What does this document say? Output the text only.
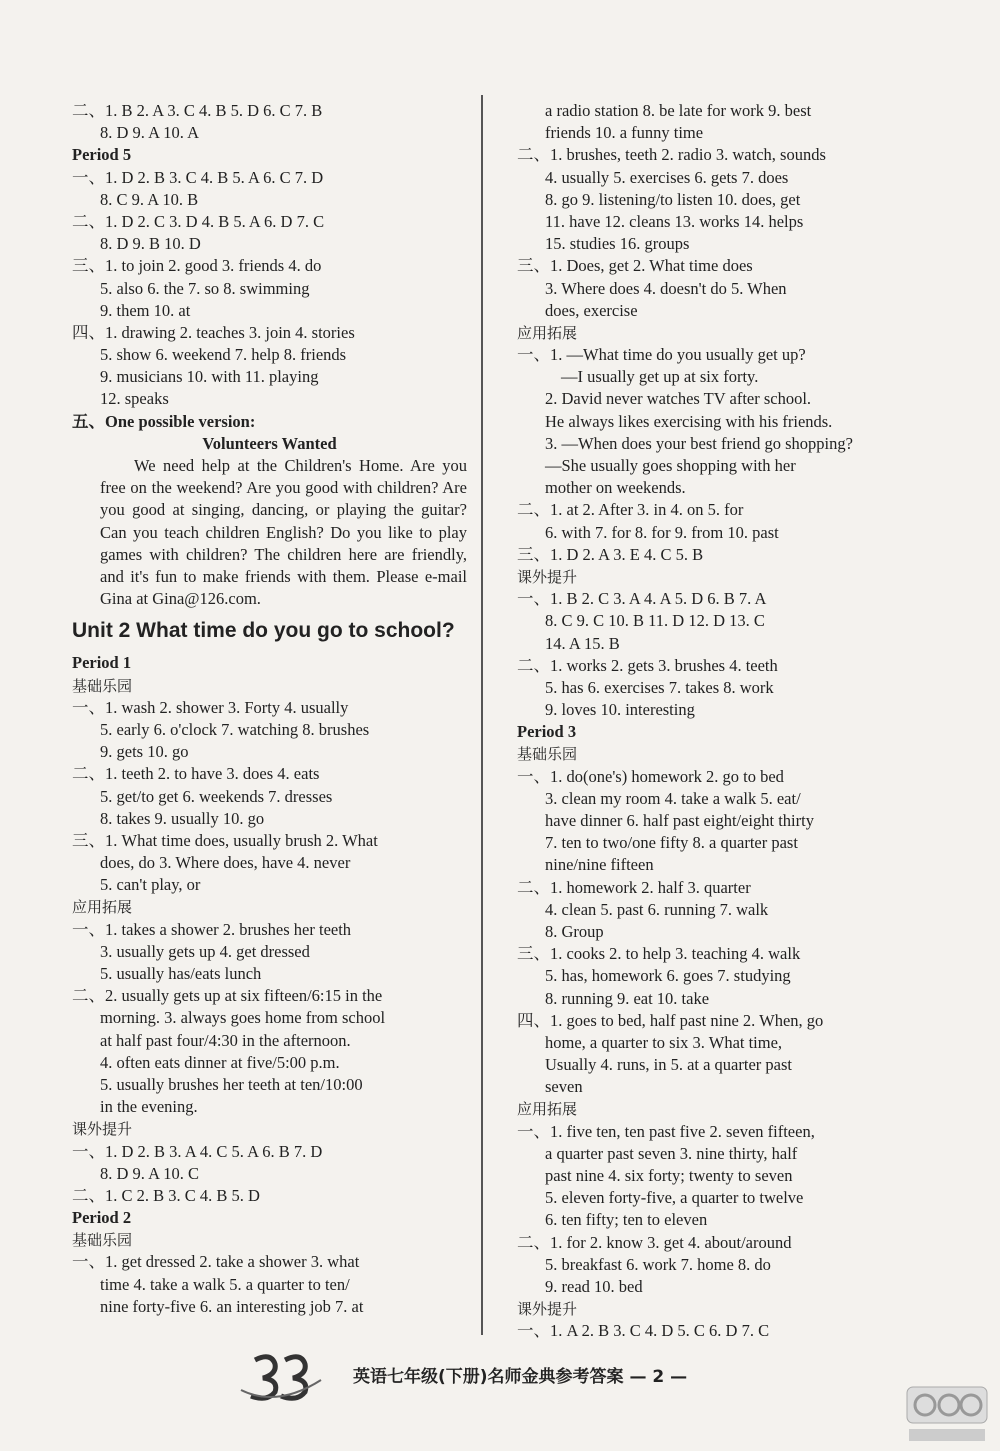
二、1. B 2. A 3. C 4. B 5. D 6. C 7. B
8. D 9. A 10. A
Period 5
一、1. D 2. B 3. C 4. B 5. A 6. C 7. D
8. C 9. A 10. B
二、1. D 2. C 3. D 4. B 5. A 6. D 7. C
8. D 9. B 10. D
三、1. to join 2. good 3. friends 4. do
5. also 6. the 7. so 8. swimming
9. them 10. at
四、1. drawing 2. teaches 3. join 4. stories
5. show 6. weekend 7. help 8. friends
9. musicians 10. with 11. playing
12. speaks
五、One possible version:
Volunteers Wanted

We need help at the Children's Home. Are you free on the weekend? Are you good with children? Are you good at singing, dancing, or playing the guitar? Can you teach children English? Do you like to play games with children? The children here are friendly, and it's fun to make friends with them. Please e-mail Gina at Gina@126.com.

Unit 2 What time do you go to school?
Period 1
基础乐园
一、1. wash 2. shower 3. Forty 4. usually
5. early 6. o'clock 7. watching 8. brushes
9. gets 10. go
二、1. teeth 2. to have 3. does 4. eats
5. get/to get 6. weekends 7. dresses
8. takes 9. usually 10. go
三、1. What time does, usually brush 2. What
does, do 3. Where does, have 4. never
5. can't play, or
应用拓展
一、1. takes a shower 2. brushes her teeth
3. usually gets up 4. get dressed
5. usually has/eats lunch
二、2. usually gets up at six fifteen/6:15 in the
morning. 3. always goes home from school
at half past four/4:30 in the afternoon.
4. often eats dinner at five/5:00 p.m.
5. usually brushes her teeth at ten/10:00
in the evening.
课外提升
一、1. D 2. B 3. A 4. C 5. A 6. B 7. D
8. D 9. A 10. C
二、1. C 2. B 3. C 4. B 5. D
Period 2
基础乐园
一、1. get dressed 2. take a shower 3. what
time 4. take a walk 5. a quarter to ten/
nine forty-five 6. an interesting job 7. at
a radio station 8. be late for work 9. best
friends 10. a funny time
二、1. brushes, teeth 2. radio 3. watch, sounds
4. usually 5. exercises 6. gets 7. does
8. go 9. listening/to listen 10. does, get
11. have 12. cleans 13. works 14. helps
15. studies 16. groups
三、1. Does, get 2. What time does
3. Where does 4. doesn't do 5. When
does, exercise
应用拓展
一、1. —What time do you usually get up?
—I usually get up at six forty.
2. David never watches TV after school.
He always likes exercising with his friends.
3. —When does your best friend go shopping?
—She usually goes shopping with her
mother on weekends.
二、1. at 2. After 3. in 4. on 5. for
6. with 7. for 8. for 9. from 10. past
三、1. D 2. A 3. E 4. C 5. B
课外提升
一、1. B 2. C 3. A 4. A 5. D 6. B 7. A
8. C 9. C 10. B 11. D 12. D 13. C
14. A 15. B
二、1. works 2. gets 3. brushes 4. teeth
5. has 6. exercises 7. takes 8. work
9. loves 10. interesting
Period 3
基础乐园
一、1. do(one's) homework 2. go to bed
3. clean my room 4. take a walk 5. eat/
have dinner 6. half past eight/eight thirty
7. ten to two/one fifty 8. a quarter past
nine/nine fifteen
二、1. homework 2. half 3. quarter
4. clean 5. past 6. running 7. walk
8. Group
三、1. cooks 2. to help 3. teaching 4. walk
5. has, homework 6. goes 7. studying
8. running 9. eat 10. take
四、1. goes to bed, half past nine 2. When, go
home, a quarter to six 3. What time,
Usually 4. runs, in 5. at a quarter past
seven
应用拓展
一、1. five ten, ten past five 2. seven fifteen,
a quarter past seven 3. nine thirty, half
past nine 4. six forty; twenty to seven
5. eleven forty-five, a quarter to twelve
6. ten fifty; ten to eleven
二、1. for 2. know 3. get 4. about/around
5. breakfast 6. work 7. home 8. do
9. read 10. bed
课外提升
一、1. A 2. B 3. C 4. D 5. C 6. D 7. C
英语七年级(下册)名师金典参考答案 — 2 —
